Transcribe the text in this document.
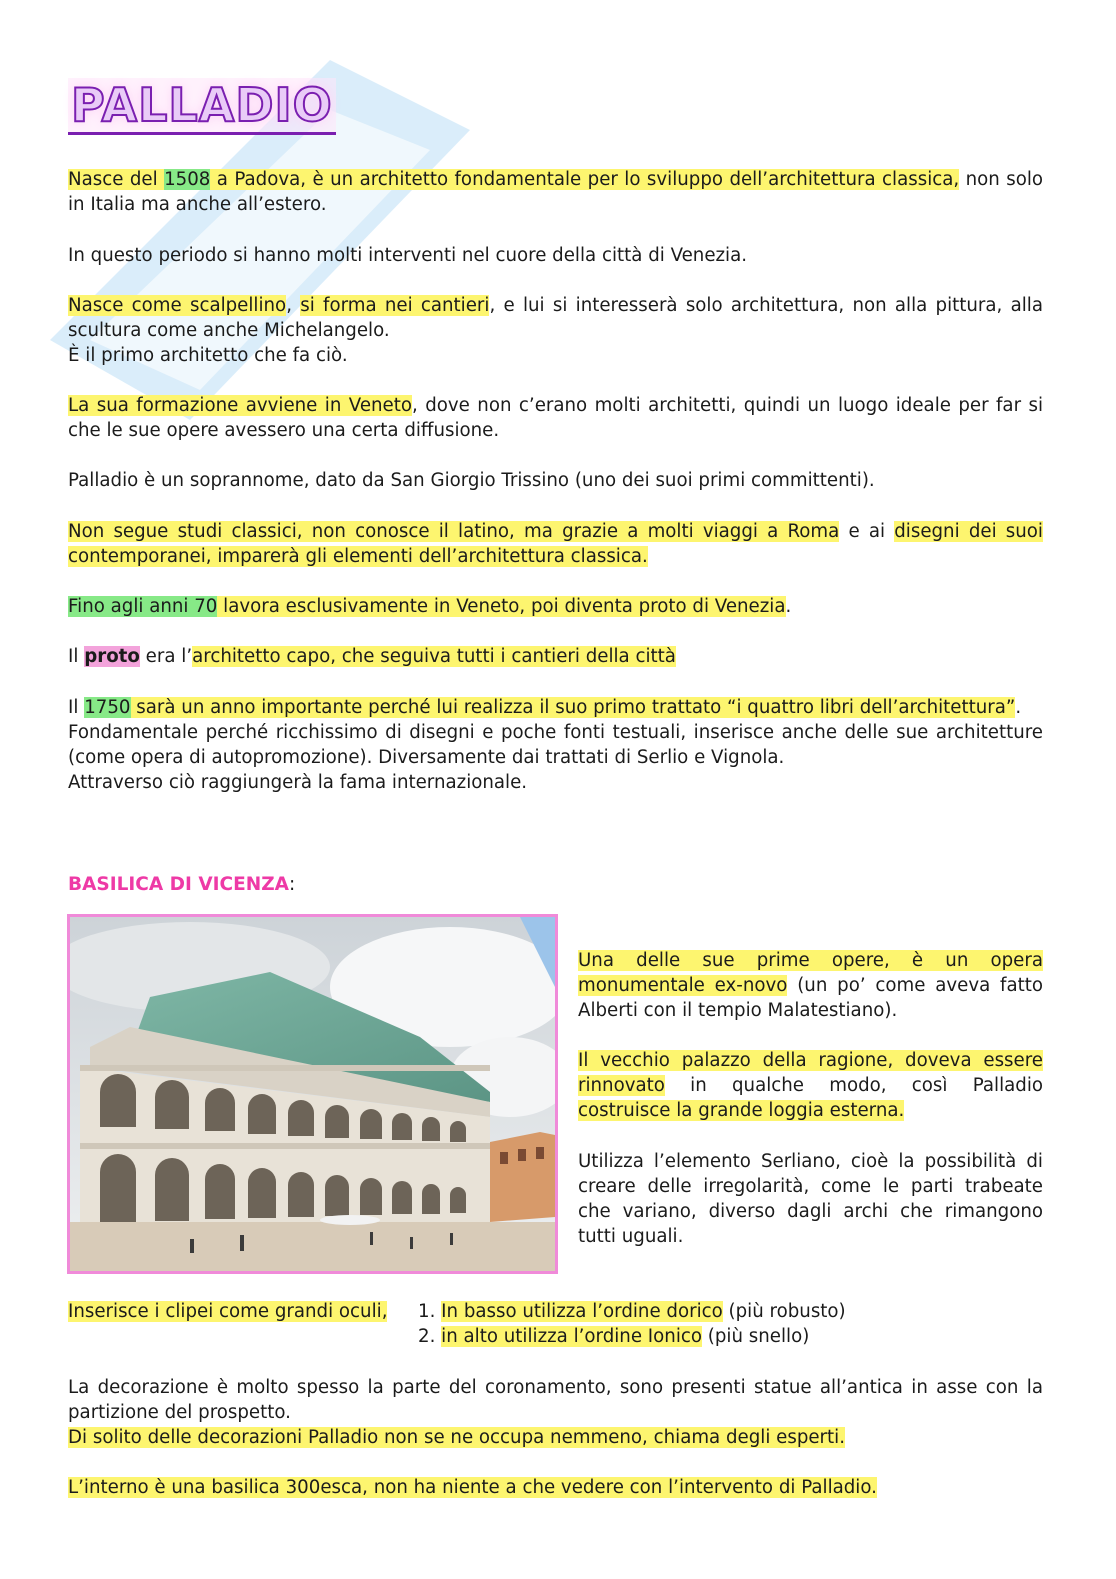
PALLADIO

Nasce del 1508 a Padova, è un architetto fondamentale per lo sviluppo dell’architettura classica, non solo in Italia ma anche all’estero.

In questo periodo si hanno molti interventi nel cuore della città di Venezia.

Nasce come scalpellino, si forma nei cantieri, e lui si interesserà solo architettura, non alla pittura, alla scultura come anche Michelangelo.

È il primo architetto che fa ciò.

La sua formazione avviene in Veneto, dove non c’erano molti architetti, quindi un luogo ideale per far si che le sue opere avessero una certa diffusione.

Palladio è un soprannome, dato da San Giorgio Trissino (uno dei suoi primi committenti).

Non segue studi classici, non conosce il latino, ma grazie a molti viaggi a Roma e ai disegni dei suoi contemporanei, imparerà gli elementi dell’architettura classica.

Fino agli anni 70 lavora esclusivamente in Veneto, poi diventa proto di Venezia.

Il proto era l’architetto capo, che seguiva tutti i cantieri della città

Il 1750 sarà un anno importante perché lui realizza il suo primo trattato “i quattro libri dell’architettura”.

Fondamentale perché ricchissimo di disegni e poche fonti testuali, inserisce anche delle sue architetture (come opera di autopromozione). Diversamente dai trattati di Serlio e Vignola.

Attraverso ciò raggiungerà la fama internazionale.

BASILICA DI VICENZA:

Una delle sue prime opere, è un opera monumentale ex-novo (un po’ come aveva fatto Alberti con il tempio Malatestiano).

Il vecchio palazzo della ragione, doveva essere rinnovato in qualche modo, così Palladio costruisce la grande loggia esterna.

Utilizza l’elemento Serliano, cioè la possibilità di creare delle irregolarità, come le parti trabeate che variano, diverso dagli archi che rimangono tutti uguali.

Inserisce i clipei come grandi oculi,	1. In basso utilizza l’ordine dorico (più robusto)

2. in alto utilizza l’ordine Ionico (più snello)

La decorazione è molto spesso la parte del coronamento, sono presenti statue all’antica in asse con la partizione del prospetto.

Di solito delle decorazioni Palladio non se ne occupa nemmeno, chiama degli esperti.

L’interno è una basilica 300esca, non ha niente a che vedere con l’intervento di Palladio.
